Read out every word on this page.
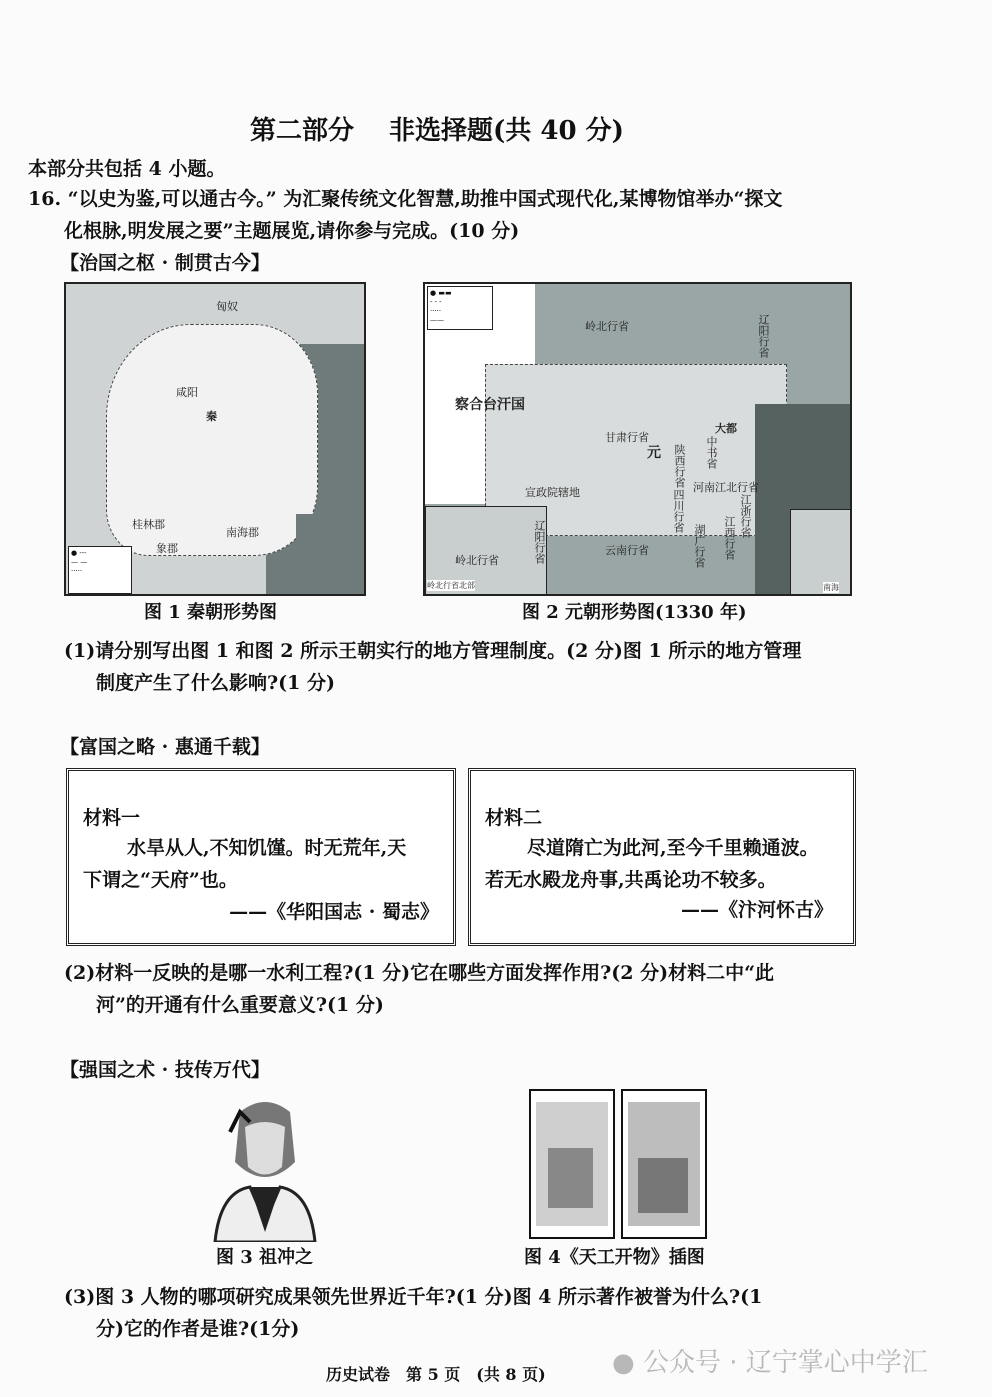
第二部分　 非选择题(共 40 分)
本部分共包括 4 小题。
16. “以史为鉴,可以通古今。” 为汇聚传统文化智慧,助推中国式现代化,某博物馆举办“探文
化根脉,明发展之要”主题展览,请你参与完成。(10 分)
【治国之枢 · 制贯古今】
● ---
— —
·····
匈奴
咸阳
秦
桂林郡
南海郡
象郡
图 1 秦朝形势图
● ▬▬
- - -
·····
——	岭北行省	辽阳行省
察合台汗国
甘肃行省
元
大都
中书省
陕西行省
宣政院辖地	四川行省
河南江北行省
江浙行省
江西行省
湖广行省
云南行省
岭北行省	辽阳行省
岭北行省北部	南海
图 2 元朝形势图(1330 年)
(1)请分别写出图 1 和图 2 所示王朝实行的地方管理制度。(2 分)图 1 所示的地方管理
制度产生了什么影响?(1 分)
【富国之略 · 惠通千载】
材料一
水旱从人,不知饥馑。时无荒年,天
下谓之“天府”也。
——《华阳国志 · 蜀志》
材料二
尽道隋亡为此河,至今千里赖通波。
若无水殿龙舟事,共禹论功不较多。
——《汴河怀古》
(2)材料一反映的是哪一水利工程?(1 分)它在哪些方面发挥作用?(2 分)材料二中“此
河”的开通有什么重要意义?(1 分)
【强国之术 · 技传万代】
图 3 祖冲之	图 4《天工开物》插图
(3)图 3 人物的哪项研究成果领先世界近千年?(1 分)图 4 所示著作被誉为什么?(1
分)它的作者是谁?(1分)
历史试卷　第 5 页　(共 8 页)	● 公众号 · 辽宁掌心中学汇
